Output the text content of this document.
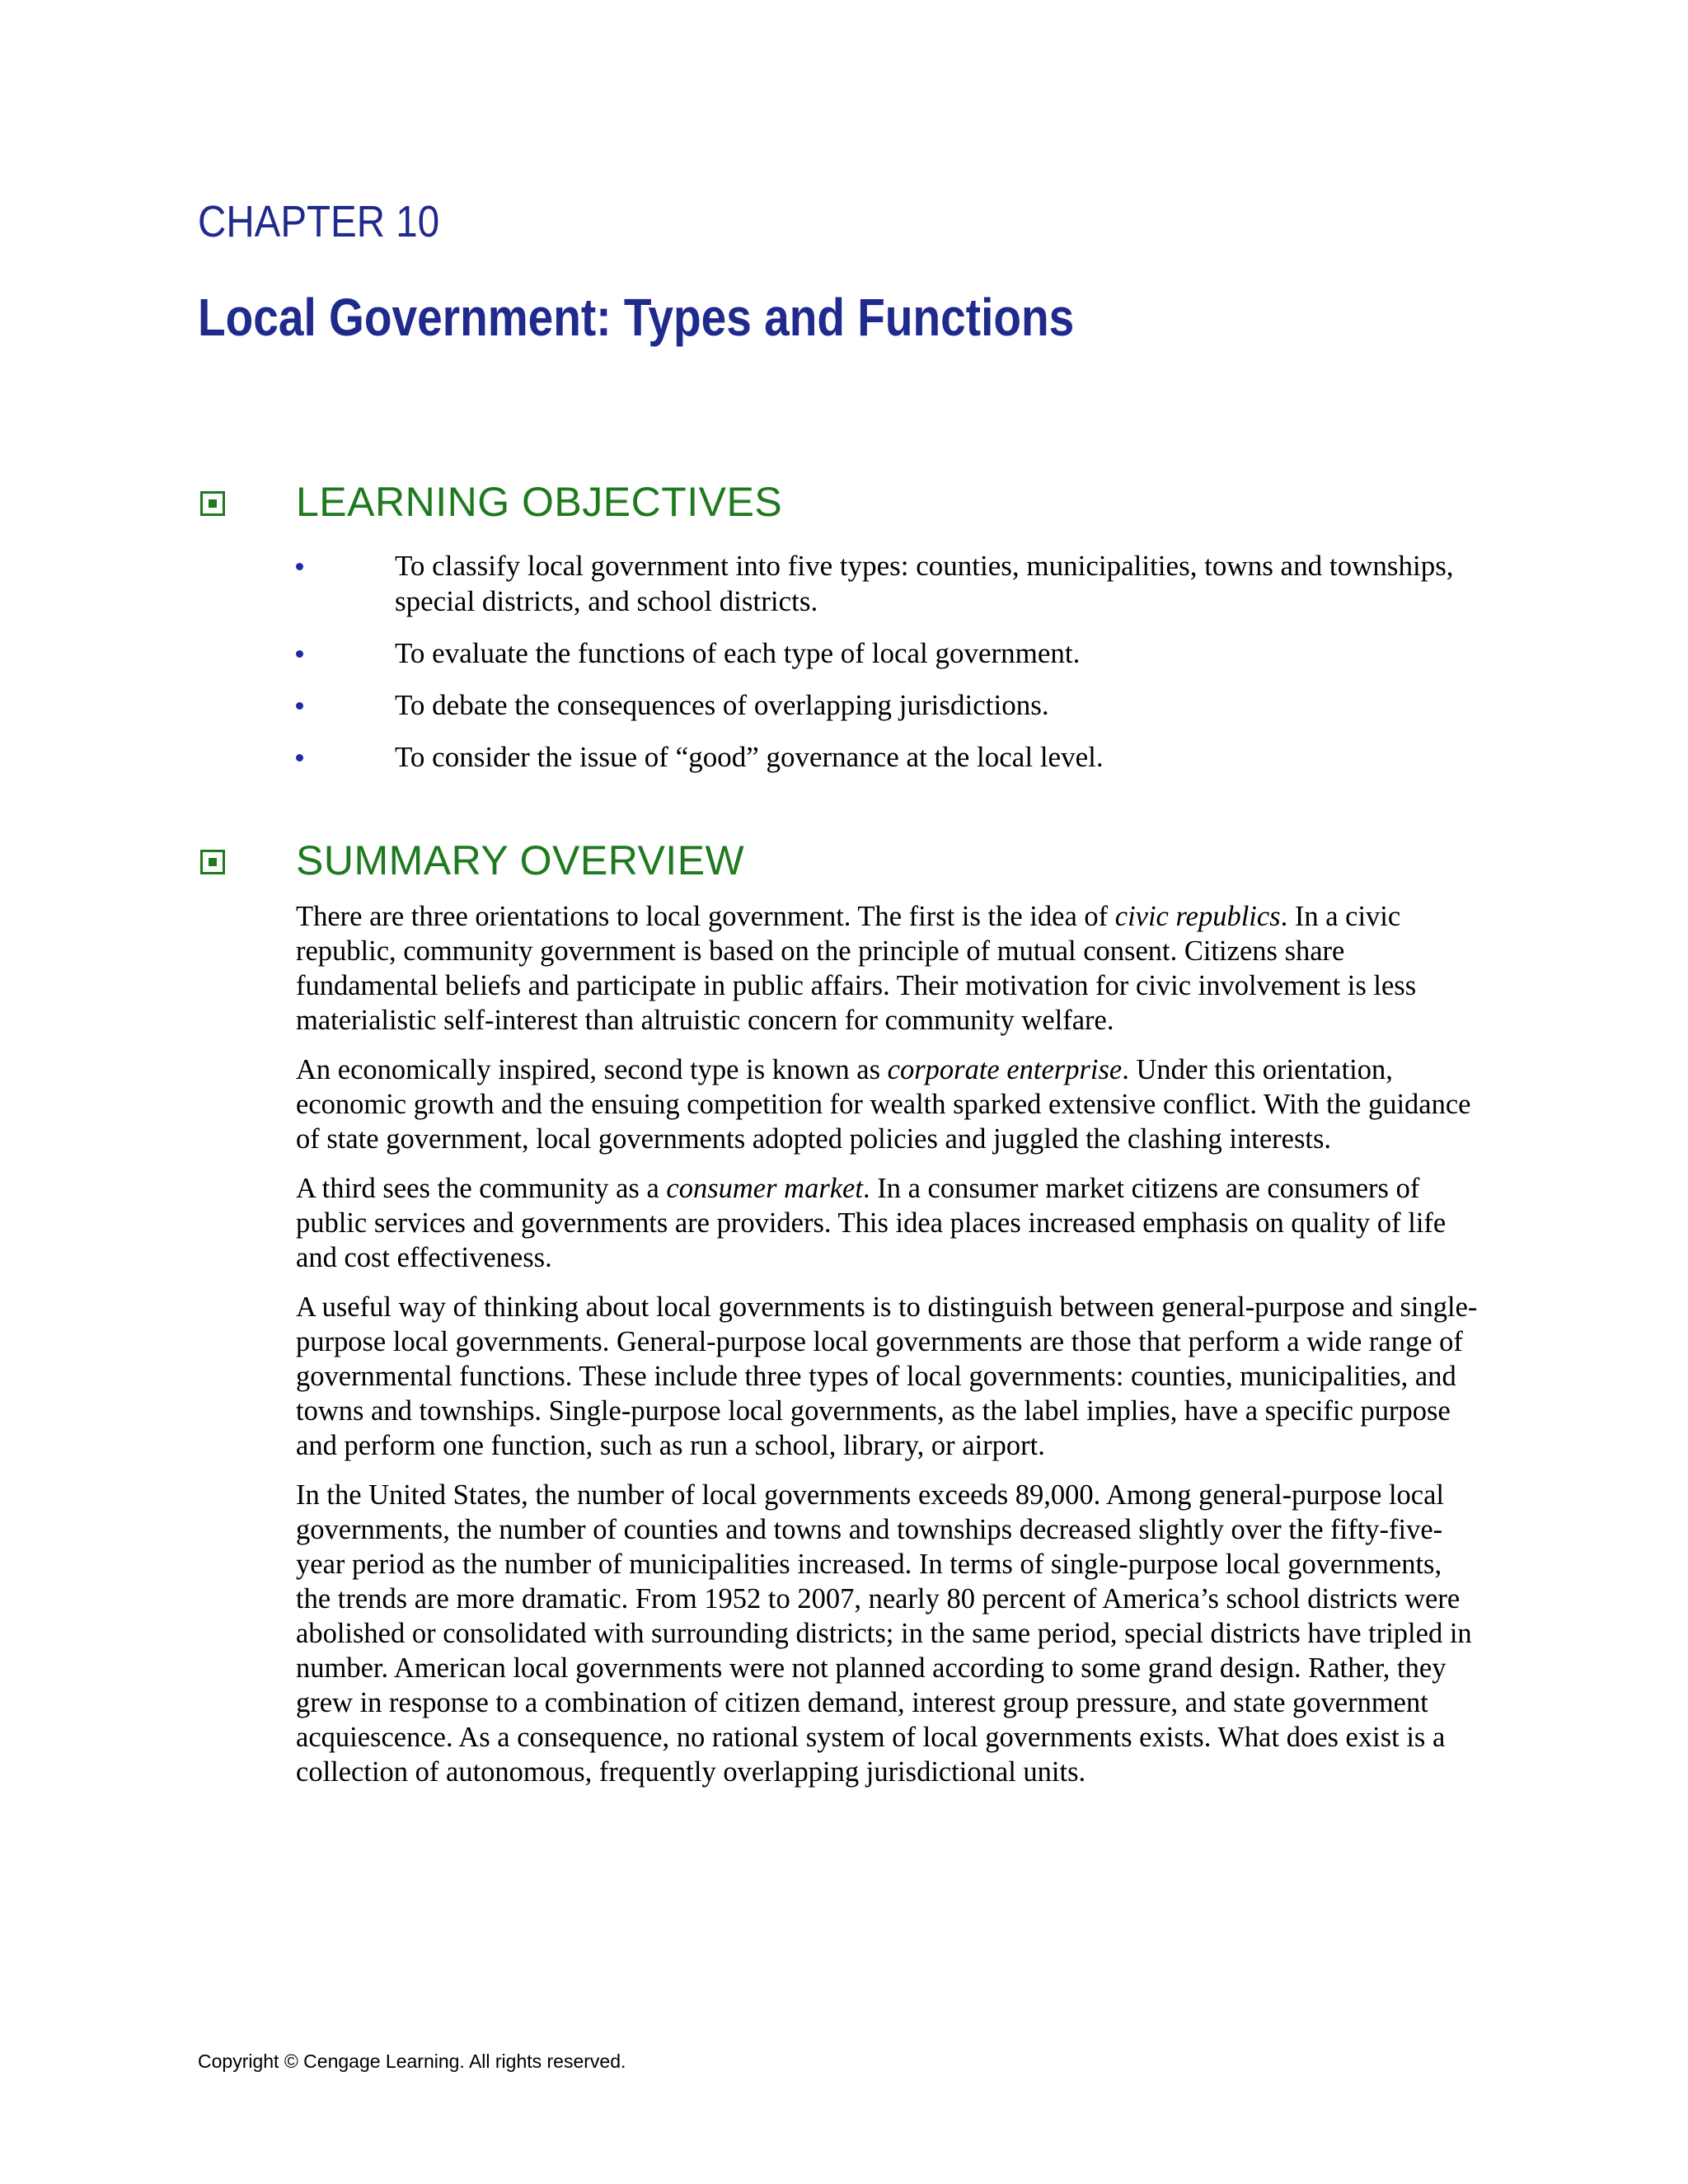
CHAPTER 10
Local Government: Types and Functions
LEARNING OBJECTIVES
To classify local government into five types: counties, municipalities, towns and townships, special districts, and school districts.
To evaluate the functions of each type of local government.
To debate the consequences of overlapping jurisdictions.
To consider the issue of “good” governance at the local level.
SUMMARY OVERVIEW

There are three orientations to local government. The first is the idea of civic republics. In a civic republic, community government is based on the principle of mutual consent. Citizens share fundamental beliefs and participate in public affairs. Their motivation for civic involvement is less materialistic self-interest than altruistic concern for community welfare.

An economically inspired, second type is known as corporate enterprise. Under this orientation, economic growth and the ensuing competition for wealth sparked extensive conflict. With the guidance of state government, local governments adopted policies and juggled the clashing interests.

A third sees the community as a consumer market. In a consumer market citizens are consumers of public services and governments are providers. This idea places increased emphasis on quality of life and cost effectiveness.

A useful way of thinking about local governments is to distinguish between general-purpose and single-purpose local governments. General-purpose local governments are those that perform a wide range of governmental functions. These include three types of local governments: counties, municipalities, and towns and townships. Single-purpose local governments, as the label implies, have a specific purpose and perform one function, such as run a school, library, or airport.

In the United States, the number of local governments exceeds 89,000. Among general-purpose local governments, the number of counties and towns and townships decreased slightly over the fifty-five-year period as the number of municipalities increased. In terms of single-purpose local governments, the trends are more dramatic. From 1952 to 2007, nearly 80 percent of America’s school districts were abolished or consolidated with surrounding districts; in the same period, special districts have tripled in number. American local governments were not planned according to some grand design. Rather, they grew in response to a combination of citizen demand, interest group pressure, and state government acquiescence. As a consequence, no rational system of local governments exists. What does exist is a collection of autonomous, frequently overlapping jurisdictional units.

Copyright © Cengage Learning. All rights reserved.
